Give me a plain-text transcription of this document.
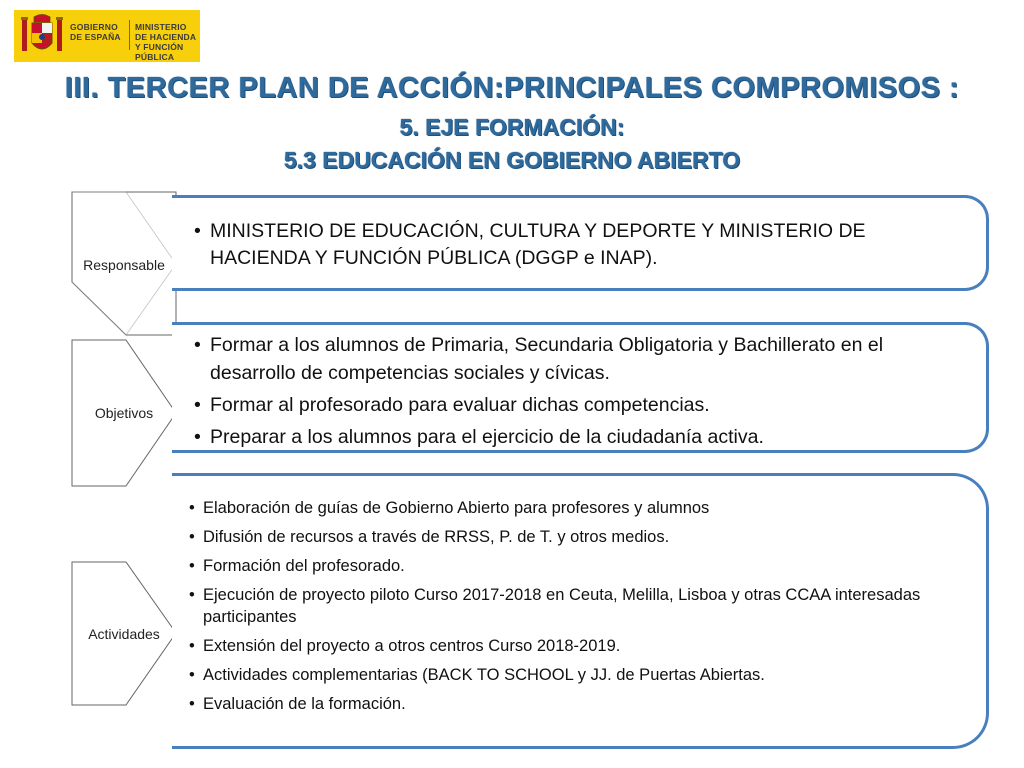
GOBIERNO
DE ESPAÑA
MINISTERIO
DE HACIENDA
Y FUNCIÓN PÚBLICA
III. TERCER PLAN DE ACCIÓN:PRINCIPALES COMPROMISOS :
5. EJE FORMACIÓN:
5.3 EDUCACIÓN EN GOBIERNO ABIERTO
Responsable
Objetivos
Actividades
• MINISTERIO DE EDUCACIÓN, CULTURA Y DEPORTE Y MINISTERIO DE HACIENDA Y FUNCIÓN PÚBLICA (DGGP e INAP).
• Formar a los alumnos de Primaria, Secundaria Obligatoria y Bachillerato en el desarrollo de competencias sociales y cívicas.
• Formar al profesorado para evaluar dichas competencias.
• Preparar a los alumnos para el ejercicio de la ciudadanía activa.
• Elaboración de guías de Gobierno Abierto para profesores y alumnos
• Difusión de recursos a través de RRSS, P. de T. y otros medios.
• Formación del profesorado.
• Ejecución de proyecto piloto Curso 2017-2018 en Ceuta, Melilla, Lisboa y otras CCAA interesadas participantes
• Extensión del proyecto a otros centros Curso 2018-2019.
• Actividades complementarias (BACK TO SCHOOL y JJ. de Puertas Abiertas.
• Evaluación de la formación.
